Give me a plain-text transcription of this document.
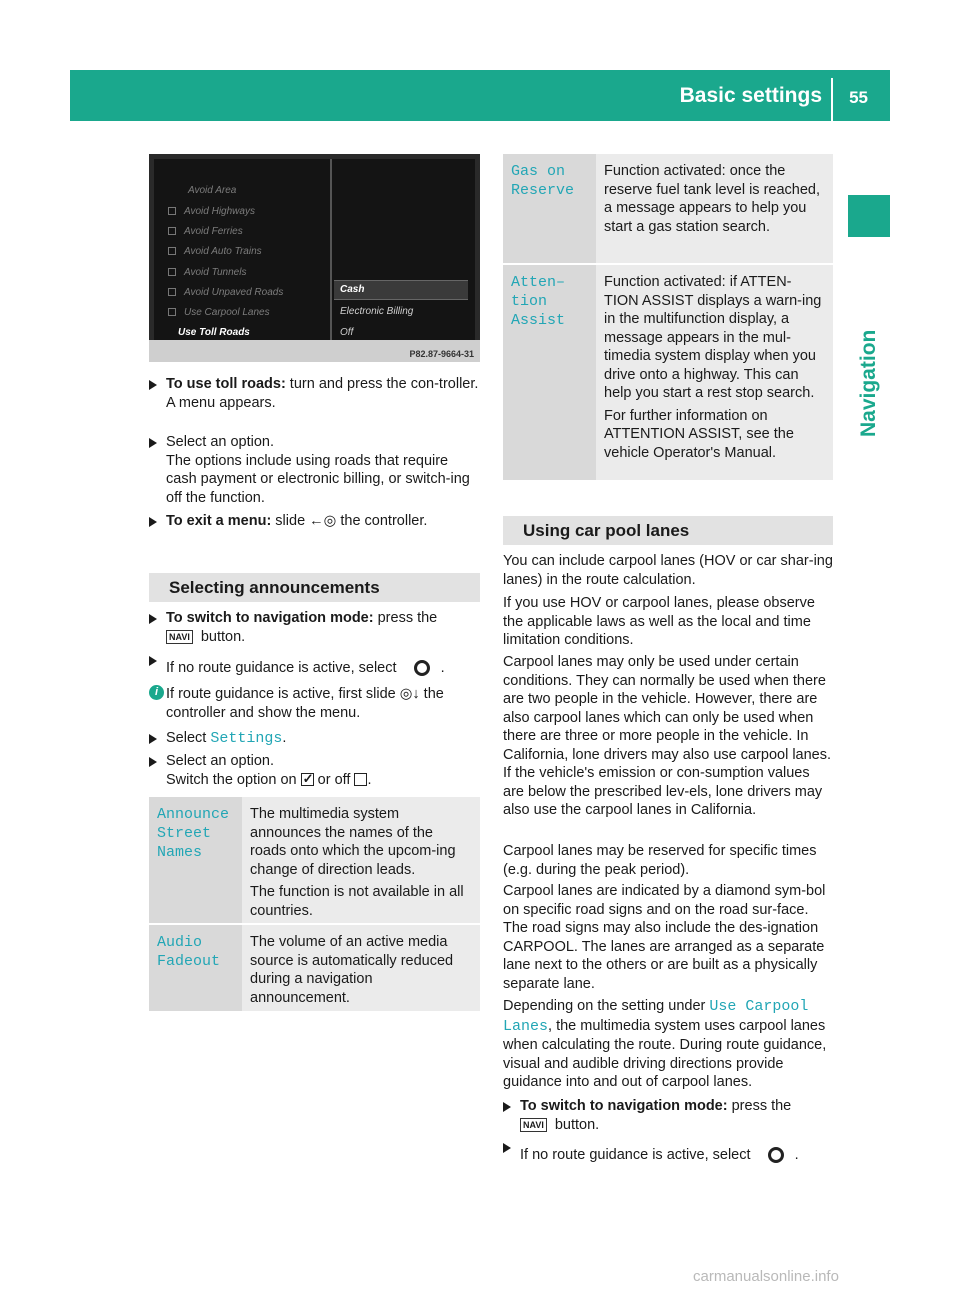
Basic settings 55
Navigation
Avoid Area
Avoid Highways
Avoid Ferries
Avoid Auto Trains
Avoid Tunnels
Avoid Unpaved Roads
Use Carpool Lanes
Use Toll Roads
Cash
Electronic Billing
Off
P82.87-9664-31
To use toll roads: turn and press the con-troller.
A menu appears.
Select an option.
The options include using roads that require cash payment or electronic billing, or switch-ing off the function.
To exit a menu: slide ←◎ the controller.
Selecting announcements
To switch to navigation mode: press the
NAVI button.
If no route guidance is active, select	.
i If route guidance is active, first slide ◎↓ the controller and show the menu.
Select Settings.
Select an option.
Switch the option on ✓ or off .
Announce
Street
Names

The multimedia system announces the names of the roads onto which the upcom-ing change of direction leads.

The function is not available in all countries.

Audio
Fadeout

The volume of an active media source is automatically reduced during a navigation announcement.

Gas on
Reserve

Function activated: once the reserve fuel tank level is reached, a message appears to help you start a gas station search.

Atten–
tion
Assist

Function activated: if ATTEN-TION ASSIST displays a warn-ing in the multifunction display, a message appears in the mul-timedia system display when you drive onto a highway. This can help you start a rest stop search.

For further information on ATTENTION ASSIST, see the vehicle Operator's Manual.

Using car pool lanes

You can include carpool lanes (HOV or car shar-ing lanes) in the route calculation.

If you use HOV or carpool lanes, please observe the applicable laws as well as the local and time limitation conditions.

Carpool lanes may only be used under certain conditions. They can normally be used when there are two people in the vehicle. However, there are also carpool lanes which can only be used when there are three or more people in the vehicle. In California, lone drivers may also use carpool lanes. If the vehicle's emission or con-sumption values are below the prescribed lev-els, lone drivers may also use the carpool lanes in California.

Carpool lanes may be reserved for specific times (e.g. during the peak period).

Carpool lanes are indicated by a diamond sym-bol on specific road signs and on the road sur-face. The road signs may also include the des-ignation CARPOOL. The lanes are arranged as a separate lane next to the others or are built as a physically separate lane.

Depending on the setting under Use Carpool Lanes, the multimedia system uses carpool lanes when calculating the route. During route guidance, visual and audible driving directions provide guidance into and out of carpool lanes.

To switch to navigation mode: press the
NAVI button.
If no route guidance is active, select	.
carmanualsonline.info
